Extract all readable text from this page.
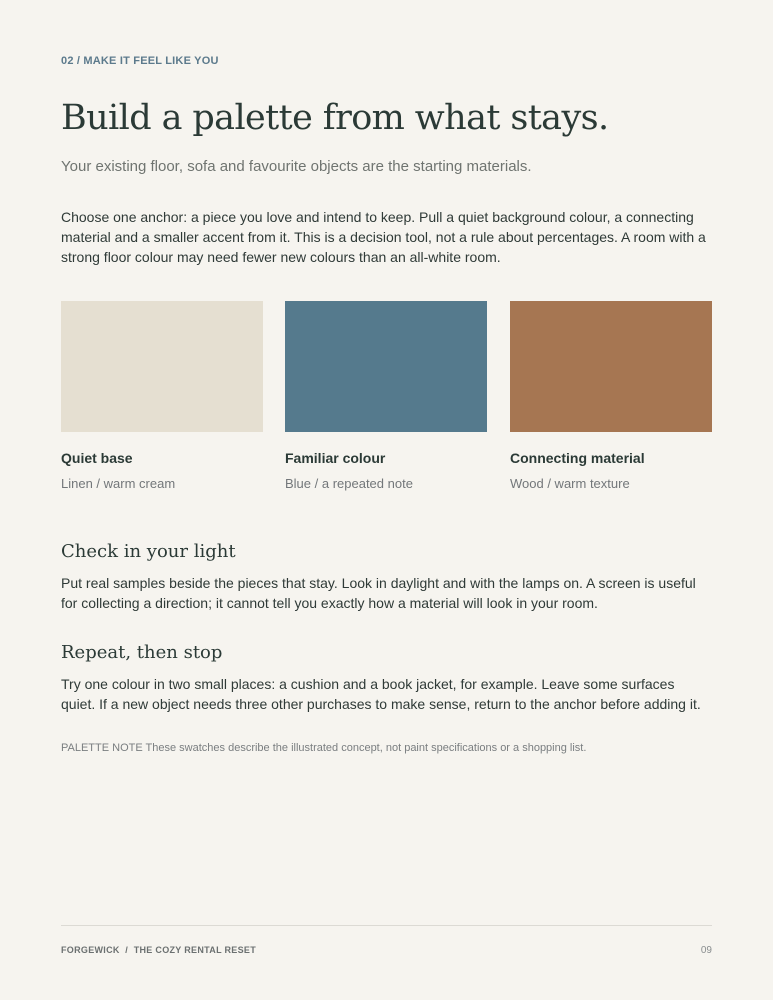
02 / MAKE IT FEEL LIKE YOU
Build a palette from what stays.
Your existing floor, sofa and favourite objects are the starting materials.

Choose one anchor: a piece you love and intend to keep. Pull a quiet background colour, a connecting material and a smaller accent from it. This is a decision tool, not a rule about percentages. A room with a strong floor colour may need fewer new colours than an all-white room.

Quiet base
Linen / warm cream
Familiar colour
Blue / a repeated note
Connecting material
Wood / warm texture
Check in your light

Put real samples beside the pieces that stay. Look in daylight and with the lamps on. A screen is useful for collecting a direction; it cannot tell you exactly how a material will look in your room.

Repeat, then stop

Try one colour in two small places: a cushion and a book jacket, for example. Leave some surfaces quiet. If a new object needs three other purchases to make sense, return to the anchor before adding it.

PALETTE NOTE These swatches describe the illustrated concept, not paint specifications or a shopping list.
FORGEWICK  /  THE COZY RENTAL RESET	09
